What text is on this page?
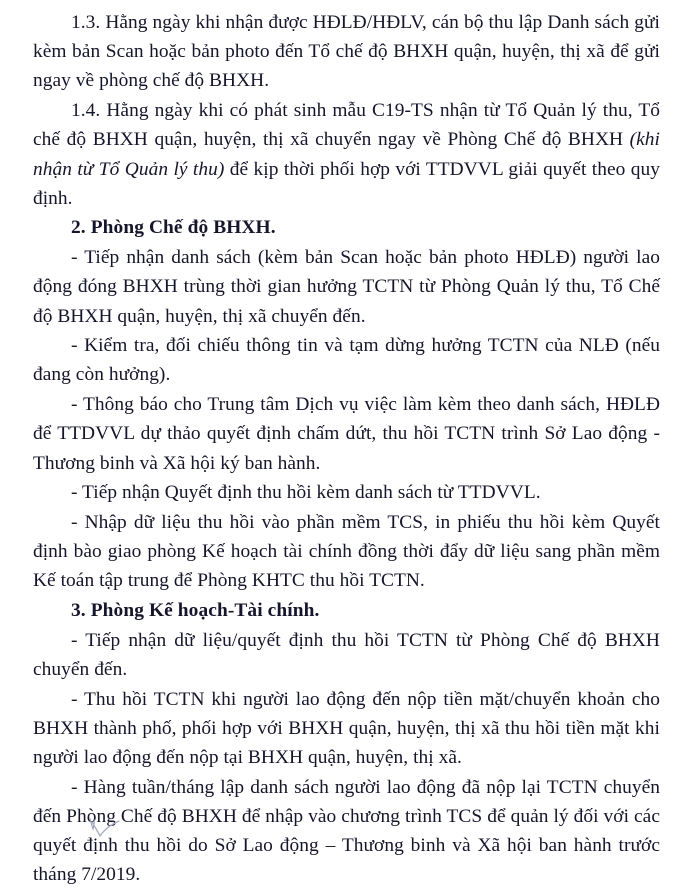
1.3. Hằng ngày khi nhận được HĐLĐ/HĐLV, cán bộ thu lập Danh sách gửi kèm bản Scan hoặc bản photo đến Tổ chế độ BHXH quận, huyện, thị xã để gửi ngay về phòng chế độ BHXH.

1.4. Hằng ngày khi có phát sinh mẫu C19-TS nhận từ Tổ Quản lý thu, Tổ chế độ BHXH quận, huyện, thị xã chuyển ngay về Phòng Chế độ BHXH (khi nhận từ Tổ Quản lý thu) để kịp thời phối hợp với TTDVVL giải quyết theo quy định.

2. Phòng Chế độ BHXH.

- Tiếp nhận danh sách (kèm bản Scan hoặc bản photo HĐLĐ) người lao động đóng BHXH trùng thời gian hưởng TCTN từ Phòng Quản lý thu, Tổ Chế độ BHXH quận, huyện, thị xã chuyển đến.

- Kiểm tra, đối chiếu thông tin và tạm dừng hưởng TCTN của NLĐ (nếu đang còn hưởng).

- Thông báo cho Trung tâm Dịch vụ việc làm kèm theo danh sách, HĐLĐ để TTDVVL dự thảo quyết định chấm dứt, thu hồi TCTN trình Sở Lao động - Thương binh và Xã hội ký ban hành.

- Tiếp nhận Quyết định thu hồi kèm danh sách từ TTDVVL.

- Nhập dữ liệu thu hồi vào phần mềm TCS, in phiếu thu hồi kèm Quyết định bào giao phòng Kế hoạch tài chính đồng thời đẩy dữ liệu sang phần mềm Kế toán tập trung để Phòng KHTC thu hồi TCTN.

3. Phòng Kế hoạch-Tài chính.

- Tiếp nhận dữ liệu/quyết định thu hồi TCTN từ Phòng Chế độ BHXH chuyển đến.

- Thu hồi TCTN khi người lao động đến nộp tiền mặt/chuyển khoản cho BHXH thành phố, phối hợp với BHXH quận, huyện, thị xã thu hồi tiền mặt khi người lao động đến nộp tại BHXH quận, huyện, thị xã.

- Hàng tuần/tháng lập danh sách người lao động đã nộp lại TCTN chuyển đến Phòng Chế độ BHXH để nhập vào chương trình TCS để quản lý đối với các quyết định thu hồi do Sở Lao động – Thương binh và Xã hội ban hành trước tháng 7/2019.
